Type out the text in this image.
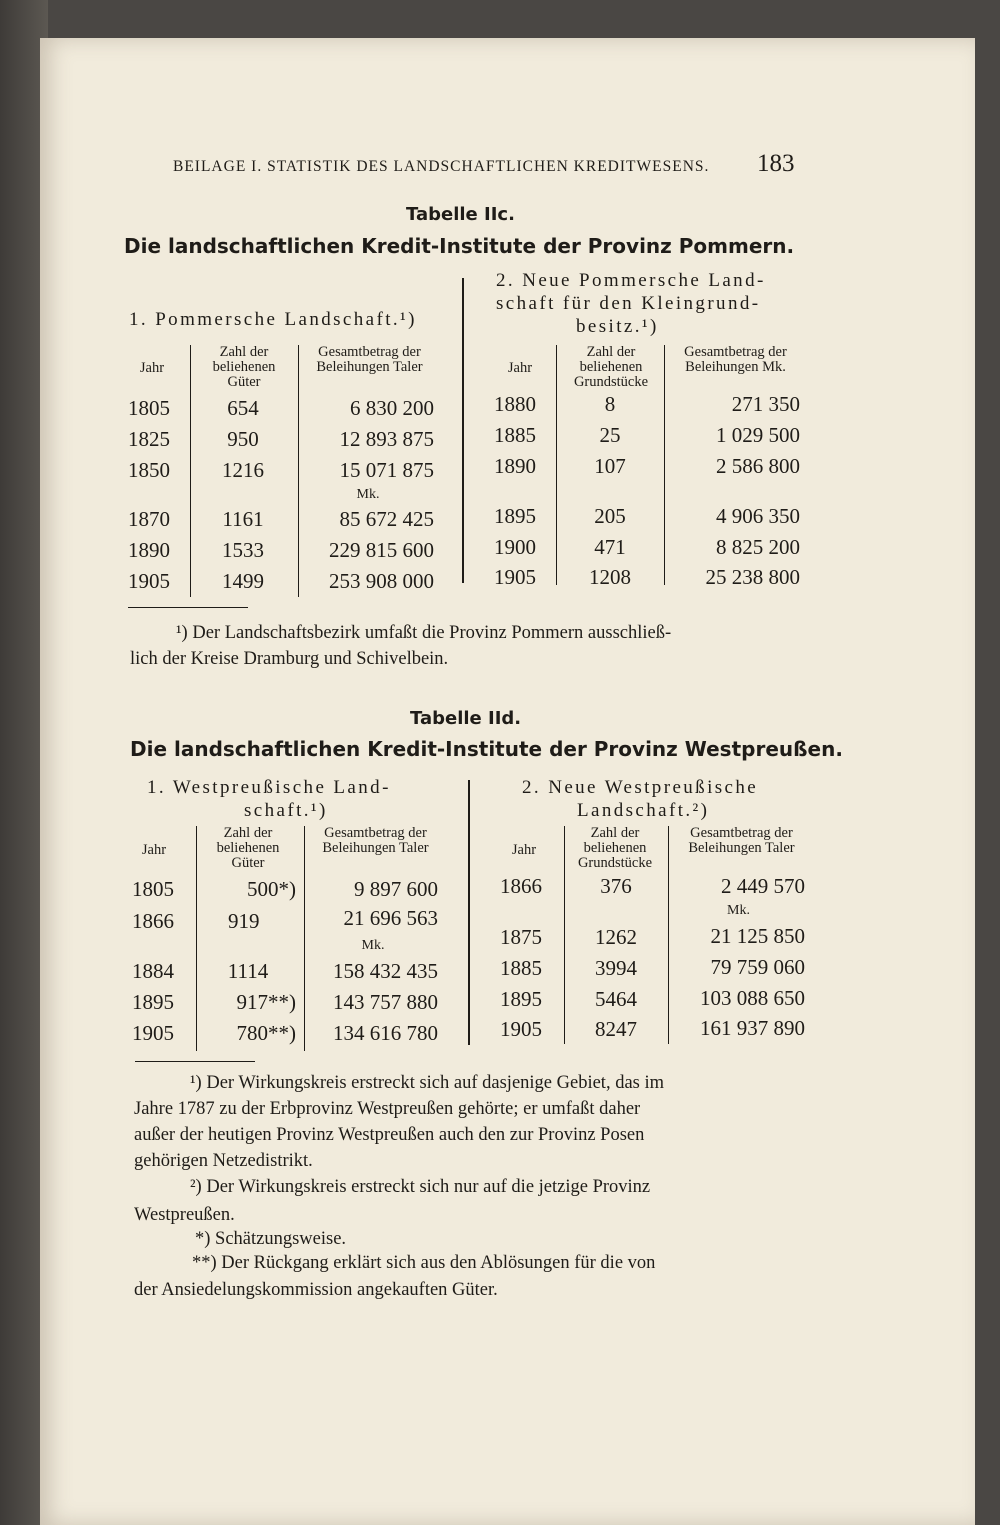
BEILAGE I. STATISTIK DES LANDSCHAFTLICHEN KREDITWESENS. 183
Tabelle IIc.
Die landschaftlichen Kredit-Institute der Provinz Pommern.
1. Pommersche Landschaft.¹)
2. Neue Pommersche Land-
schaft für den Kleingrund-
besitz.¹)
Jahr
Zahl der beliehenen Güter
Gesamtbetrag der Beleihungen Taler
1805	654	6 830 200
1825	950	12 893 875
1850	1216	15 071 875
Mk.
1870	1161	85 672 425
1890	1533	229 815 600
1905	1499	253 908 000
Jahr
Zahl der beliehenen Grundstücke
Gesamtbetrag der Beleihungen Mk.
1880	8	271 350
1885	25	1 029 500
1890	107	2 586 800
1895	205	4 906 350
1900	471	8 825 200
1905	1208	25 238 800
¹) Der Landschaftsbezirk umfaßt die Provinz Pommern ausschließ-
lich der Kreise Dramburg und Schivelbein.
Tabelle IId.
Die landschaftlichen Kredit-Institute der Provinz Westpreußen.
1. Westpreußische Land-
schaft.¹)
2. Neue Westpreußische
Landschaft.²)
Jahr
Zahl der beliehenen Güter
Gesamtbetrag der Beleihungen Taler
1805	500*)	9 897 600
1866	919	21 696 563
Mk.
1884	1114	158 432 435
1895	917**)	143 757 880
1905	780**)	134 616 780
Jahr
Zahl der beliehenen Grundstücke
Gesamtbetrag der Beleihungen Taler
1866	376	2 449 570
Mk.
1875	1262	21 125 850
1885	3994	79 759 060
1895	5464	103 088 650
1905	8247	161 937 890
¹) Der Wirkungskreis erstreckt sich auf dasjenige Gebiet, das im
Jahre 1787 zu der Erbprovinz Westpreußen gehörte; er umfaßt daher
außer der heutigen Provinz Westpreußen auch den zur Provinz Posen
gehörigen Netzedistrikt.
²) Der Wirkungskreis erstreckt sich nur auf die jetzige Provinz
Westpreußen.
*) Schätzungsweise.
**) Der Rückgang erklärt sich aus den Ablösungen für die von
der Ansiedelungskommission angekauften Güter.
